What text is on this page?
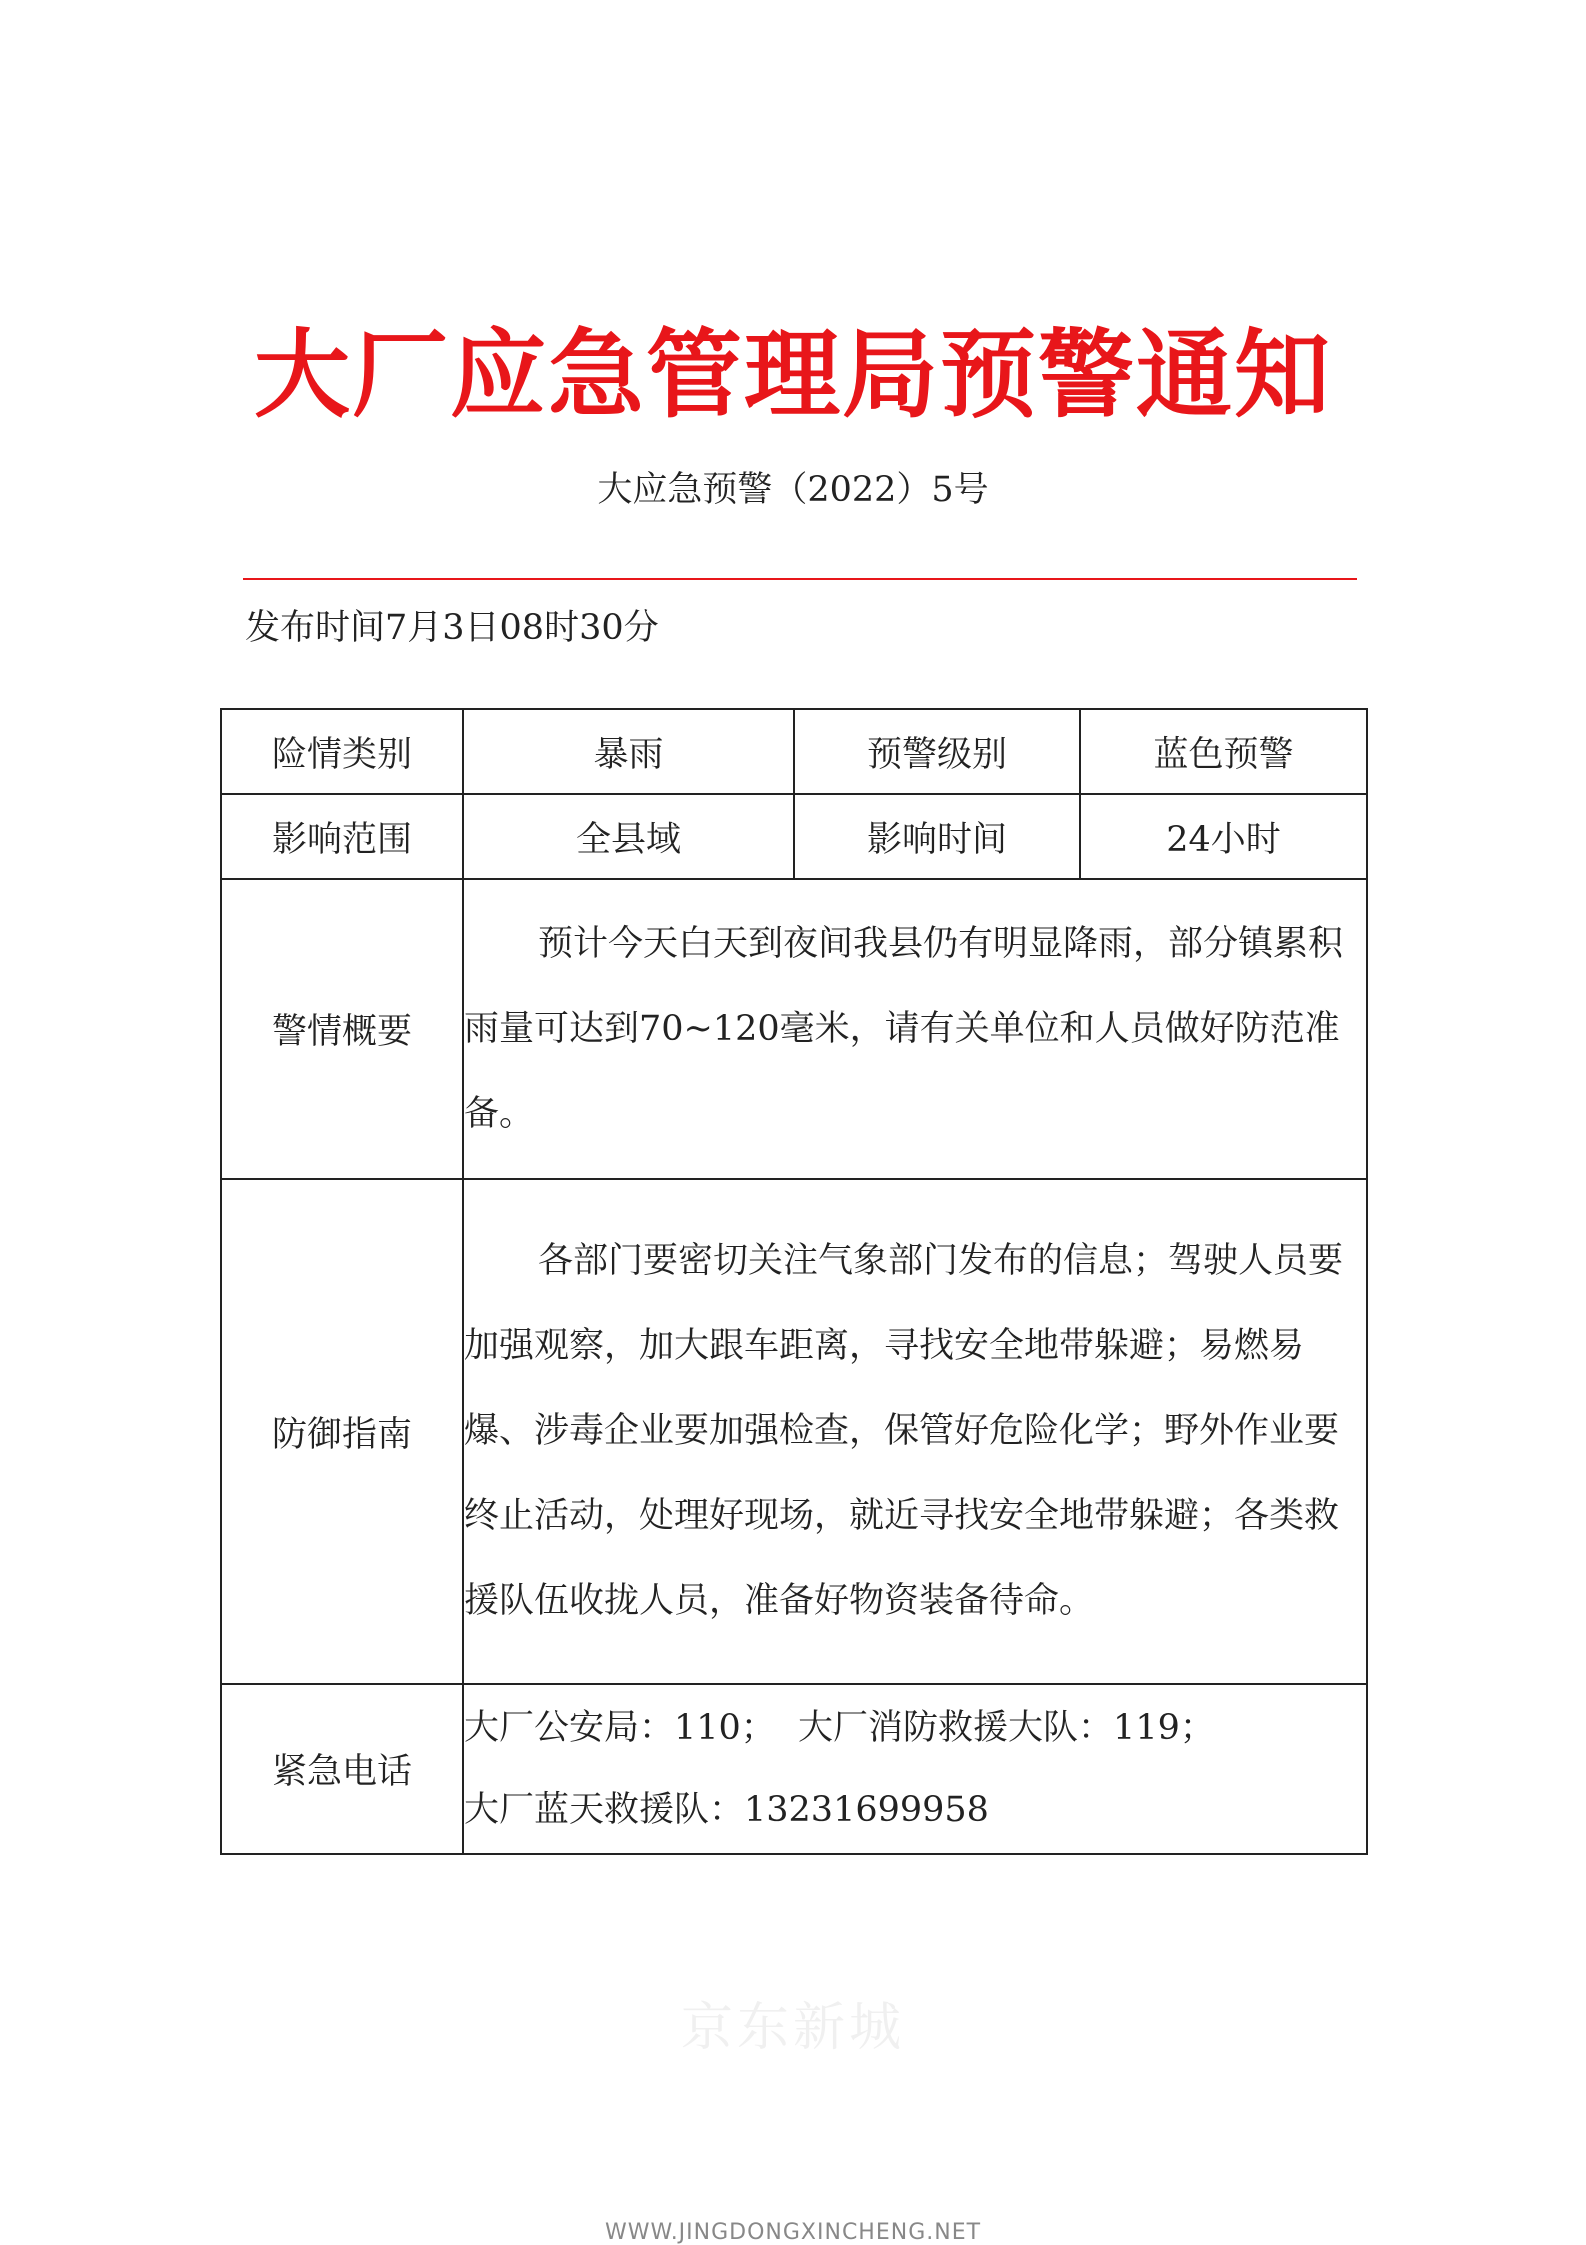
大厂应急管理局预警通知
大应急预警（2022）5号
发布时间7月3日08时30分
险情类别	暴雨	预警级别	蓝色预警
影响范围	全县域	影响时间	24小时
警情概要	预计今天白天到夜间我县仍有明显降雨，部分镇累积雨量可达到70~120毫米，请有关单位和人员做好防范准备。		

防御指南	各部门要密切关注气象部门发布的信息；驾驶人员要加强观察，加大跟车距离，寻找安全地带躲避；易燃易爆、涉毒企业要加强检查，保管好危险化学；野外作业要终止活动，处理好现场，就近寻找安全地带躲避；各类救援队伍收拢人员，准备好物资装备待命。		

紧急电话	大厂公安局：110；  大厂消防救援大队：119；
大厂蓝天救援队：13231699958		
京东新城
WWW.JINGDONGXINCHENG.NET
